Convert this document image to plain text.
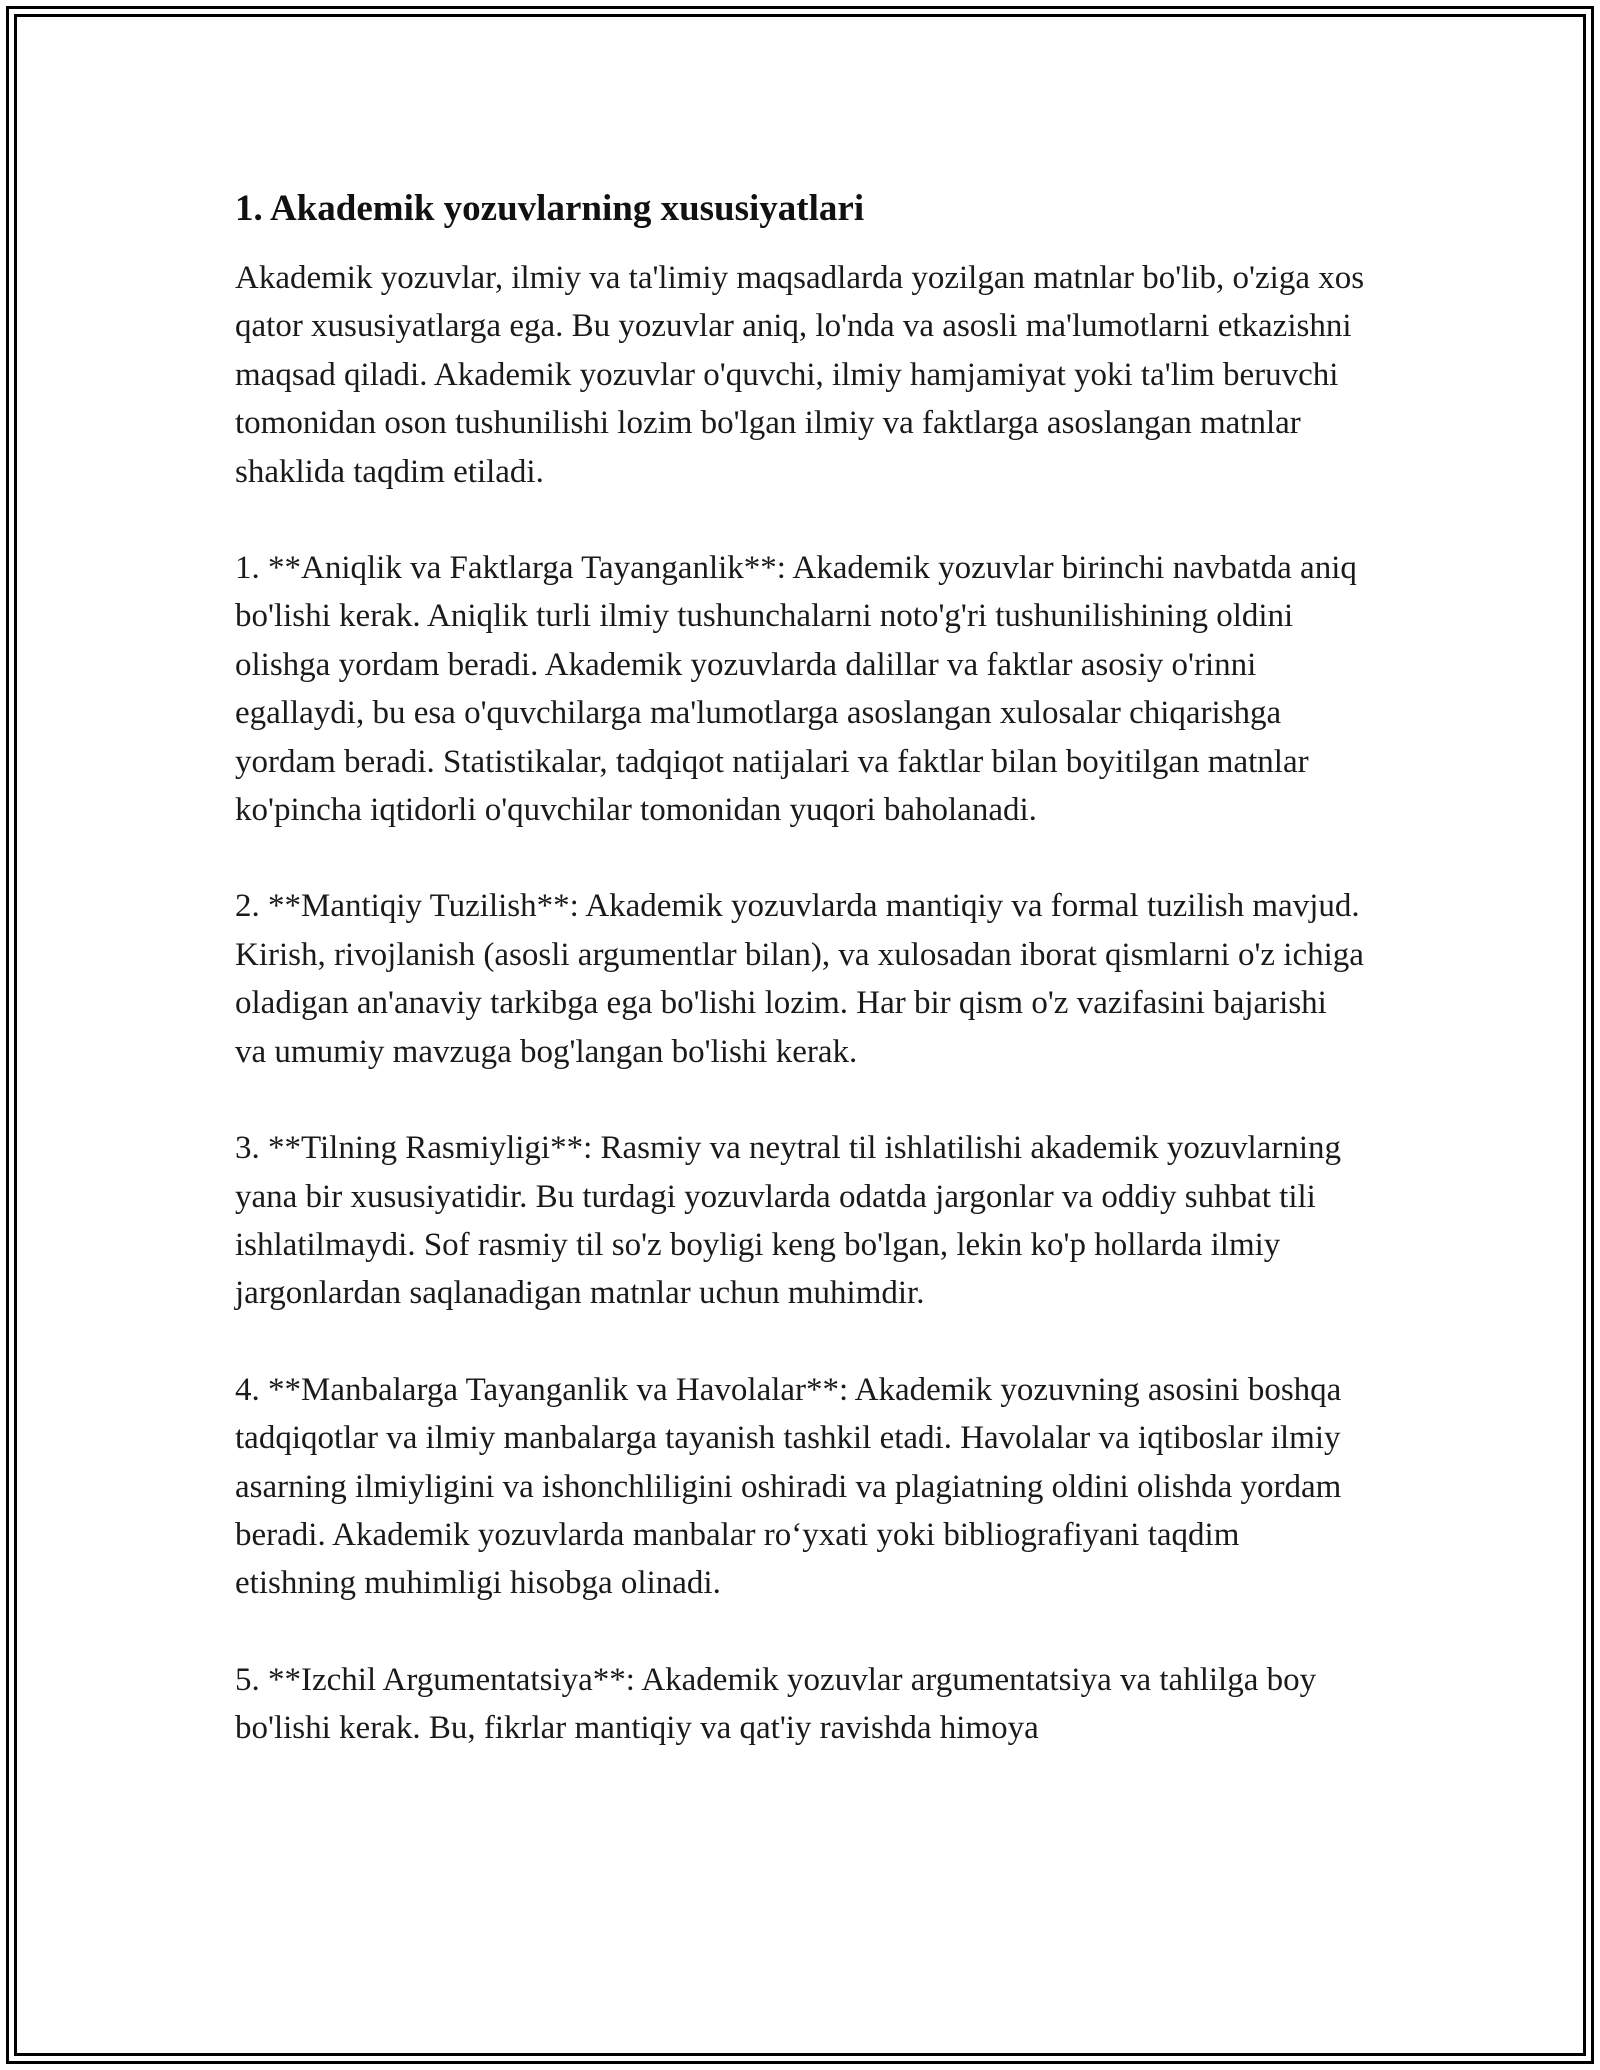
1. Akademik yozuvlarning xususiyatlari

Akademik yozuvlar, ilmiy va ta'limiy maqsadlarda yozilgan matnlar bo'lib, o'ziga xos qator xususiyatlarga ega. Bu yozuvlar aniq, lo'nda va asosli ma'lumotlarni etkazishni maqsad qiladi. Akademik yozuvlar o'quvchi, ilmiy hamjamiyat yoki ta'lim beruvchi tomonidan oson tushunilishi lozim bo'lgan ilmiy va faktlarga asoslangan matnlar shaklida taqdim etiladi.

1. **Aniqlik va Faktlarga Tayanganlik**: Akademik yozuvlar birinchi navbatda aniq bo'lishi kerak. Aniqlik turli ilmiy tushunchalarni noto'g'ri tushunilishining oldini olishga yordam beradi. Akademik yozuvlarda dalillar va faktlar asosiy o'rinni egallaydi, bu esa o'quvchilarga ma'lumotlarga asoslangan xulosalar chiqarishga yordam beradi. Statistikalar, tadqiqot natijalari va faktlar bilan boyitilgan matnlar ko'pincha iqtidorli o'quvchilar tomonidan yuqori baholanadi.

2. **Mantiqiy Tuzilish**: Akademik yozuvlarda mantiqiy va formal tuzilish mavjud. Kirish, rivojlanish (asosli argumentlar bilan), va xulosadan iborat qismlarni o'z ichiga oladigan an'anaviy tarkibga ega bo'lishi lozim. Har bir qism o'z vazifasini bajarishi va umumiy mavzuga bog'langan bo'lishi kerak.

3. **Tilning Rasmiyligi**: Rasmiy va neytral til ishlatilishi akademik yozuvlarning yana bir xususiyatidir. Bu turdagi yozuvlarda odatda jargonlar va oddiy suhbat tili ishlatilmaydi. Sof rasmiy til so'z boyligi keng bo'lgan, lekin ko'p hollarda ilmiy jargonlardan saqlanadigan matnlar uchun muhimdir.

4. **Manbalarga Tayanganlik va Havolalar**: Akademik yozuvning asosini boshqa tadqiqotlar va ilmiy manbalarga tayanish tashkil etadi. Havolalar va iqtiboslar ilmiy asarning ilmiyligini va ishonchliligini oshiradi va plagiatning oldini olishda yordam beradi. Akademik yozuvlarda manbalar ro‘yxati yoki bibliografiyani taqdim etishning muhimligi hisobga olinadi.

5. **Izchil Argumentatsiya**: Akademik yozuvlar argumentatsiya va tahlilga boy bo'lishi kerak. Bu, fikrlar mantiqiy va qat'iy ravishda himoya
